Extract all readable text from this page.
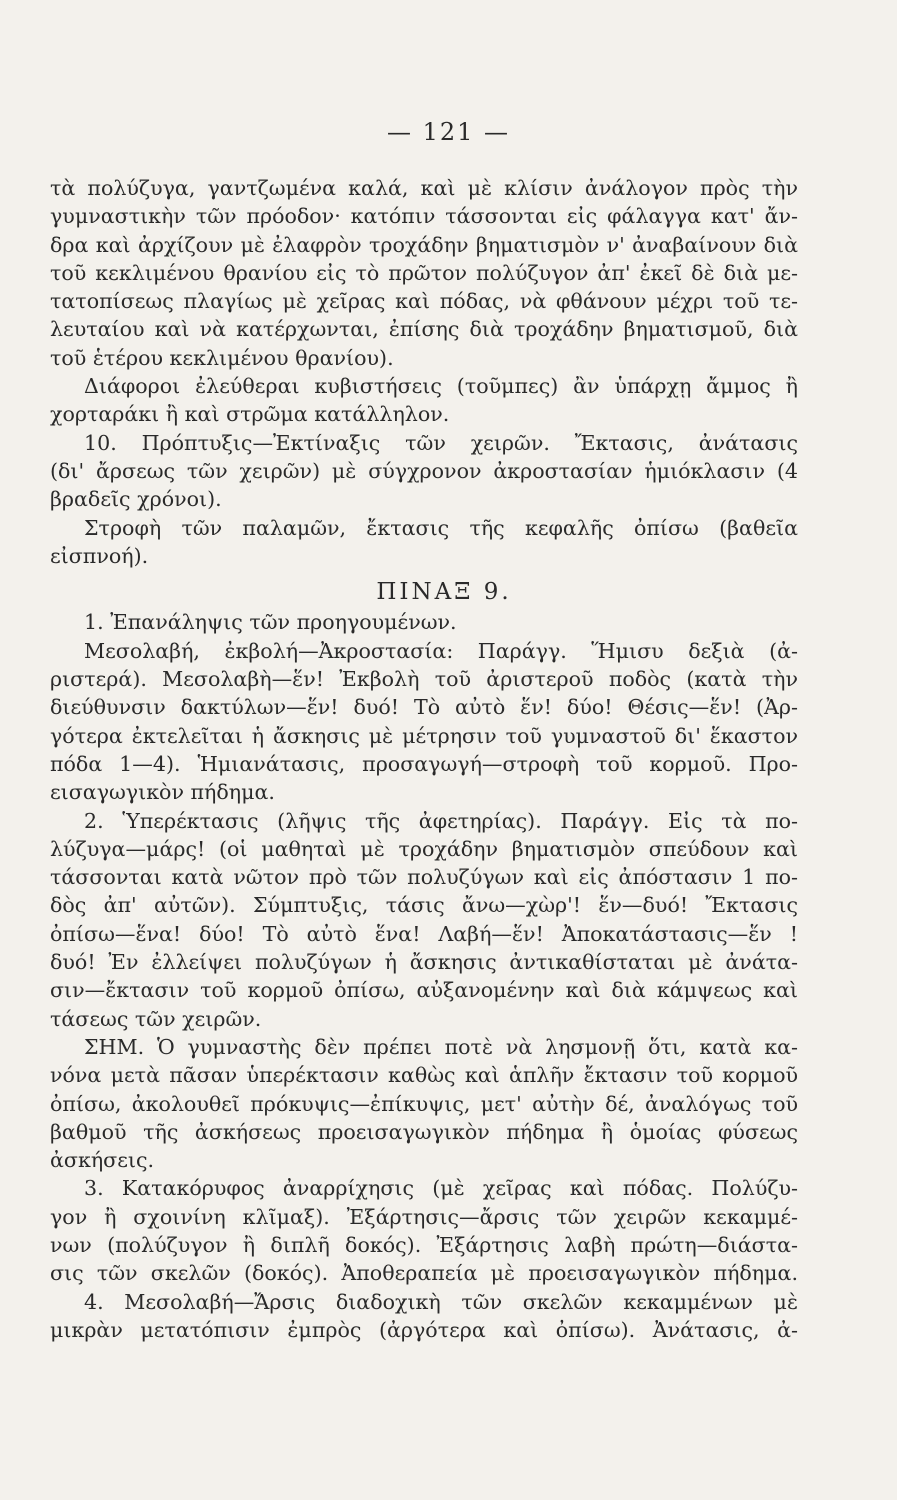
— 121 —
τὰ πολύζυγα, γαντζωμένα καλά, καὶ μὲ κλίσιν ἀνάλογον πρὸς τὴν
γυμναστικὴν τῶν πρόοδον· κατόπιν τάσσονται εἰς φάλαγγα κατ' ἄν-
δρα καὶ ἀρχίζουν μὲ ἐλαφρὸν τροχάδην βηματισμὸν ν' ἀναβαίνουν διὰ
τοῦ κεκλιμένου θρανίου εἰς τὸ πρῶτον πολύζυγον ἀπ' ἐκεῖ δὲ διὰ με-
τατοπίσεως πλαγίως μὲ χεῖρας καὶ πόδας, νὰ φθάνουν μέχρι τοῦ τε-
λευταίου καὶ νὰ κατέρχωνται, ἐπίσης διὰ τροχάδην βηματισμοῦ, διὰ
τοῦ ἑτέρου κεκλιμένου θρανίου).
Διάφοροι ἐλεύθεραι κυβιστήσεις (τοῦμπες) ἂν ὑπάρχῃ ἄμμος ἢ
χορταράκι ἢ καὶ στρῶμα κατάλληλον.
10. Πρόπτυξις—Ἐκτίναξις τῶν χειρῶν. Ἔκτασις, ἀνάτασις
(δι' ἄρσεως τῶν χειρῶν) μὲ σύγχρονον ἀκροστασίαν ἡμιόκλασιν (4
βραδεῖς χρόνοι).
Στροφὴ τῶν παλαμῶν, ἔκτασις τῆς κεφαλῆς ὀπίσω (βαθεῖα
εἰσπνοή).
ΠΙΝΑΞ 9.
1. Ἐπανάληψις τῶν προηγουμένων.
Μεσολαβή, ἐκβολή—Ἀκροστασία: Παράγγ. Ἥμισυ δεξιὰ (ἀ-
ριστερά). Μεσολαβὴ—ἕν! Ἐκβολὴ τοῦ ἀριστεροῦ ποδὸς (κατὰ τὴν
διεύθυνσιν δακτύλων—ἕν! δυό! Τὸ αὐτὸ ἕν! δύο! Θέσις—ἕν! (Ἀρ-
γότερα ἐκτελεῖται ἡ ἄσκησις μὲ μέτρησιν τοῦ γυμναστοῦ δι' ἕκαστον
πόδα 1—4). Ἡμιανάτασις, προσαγωγή—στροφὴ τοῦ κορμοῦ. Προ-
εισαγωγικὸν πήδημα.
2. Ὑπερέκτασις (λῆψις τῆς ἀφετηρίας). Παράγγ. Εἰς τὰ πο-
λύζυγα—μάρς! (οἱ μαθηταὶ μὲ τροχάδην βηματισμὸν σπεύδουν καὶ
τάσσονται κατὰ νῶτον πρὸ τῶν πολυζύγων καὶ εἰς ἀπόστασιν 1 πο-
δὸς ἀπ' αὐτῶν). Σύμπτυξις, τάσις ἄνω—χὼρ'! ἕν—δυό! Ἔκτασις
ὀπίσω—ἕνα! δύο! Τὸ αὐτὸ ἕνα! Λαβή—ἕν! Ἀποκατάστασις—ἕν !
δυό! Ἐν ἐλλείψει πολυζύγων ἡ ἄσκησις ἀντικαθίσταται μὲ ἀνάτα-
σιν—ἔκτασιν τοῦ κορμοῦ ὀπίσω, αὐξανομένην καὶ διὰ κάμψεως καὶ
τάσεως τῶν χειρῶν.
ΣΗΜ. Ὁ γυμναστὴς δὲν πρέπει ποτὲ νὰ λησμονῇ ὅτι, κατὰ κα-
νόνα μετὰ πᾶσαν ὑπερέκτασιν καθὼς καὶ ἁπλῆν ἔκτασιν τοῦ κορμοῦ
ὀπίσω, ἀκολουθεῖ πρόκυψις—ἐπίκυψις, μετ' αὐτὴν δέ, ἀναλόγως τοῦ
βαθμοῦ τῆς ἀσκήσεως προεισαγωγικὸν πήδημα ἢ ὁμοίας φύσεως
ἀσκήσεις.
3. Κατακόρυφος ἀναρρίχησις (μὲ χεῖρας καὶ πόδας. Πολύζυ-
γον ἢ σχοινίνη κλῖμαξ). Ἐξάρτησις—ἄρσις τῶν χειρῶν κεκαμμέ-
νων (πολύζυγον ἢ διπλῆ δοκός). Ἐξάρτησις λαβὴ πρώτη—διάστα-
σις τῶν σκελῶν (δοκός). Ἀποθεραπεία μὲ προεισαγωγικὸν πήδημα.
4. Μεσολαβή—Ἄρσις διαδοχικὴ τῶν σκελῶν κεκαμμένων μὲ
μικρὰν μετατόπισιν ἐμπρὸς (ἀργότερα καὶ ὀπίσω). Ἀνάτασις, ἀ-
